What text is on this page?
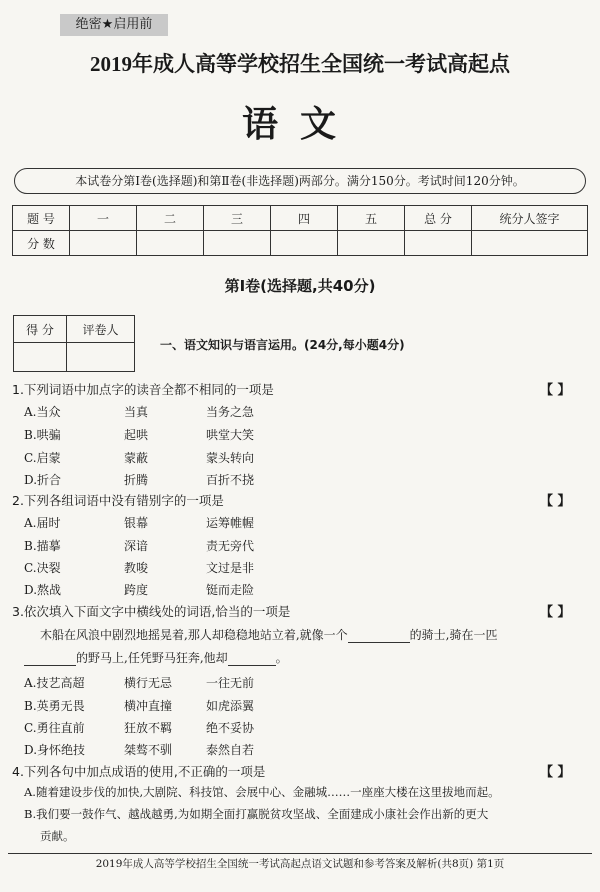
绝密★启用前
2019年成人高等学校招生全国统一考试高起点
语文
本试卷分第Ⅰ卷(选择题)和第Ⅱ卷(非选择题)两部分。满分150分。考试时间120分钟。
题 号	一	二	三	四	五	总 分	统分人签字
分 数							
第Ⅰ卷(选择题,共40分)
得 分	评卷人

一、语文知识与语言运用。(24分,每小题4分)
1.下列词语中加点字的读音全都不相同的一项是	【 】
A.当众	当真	当务之急
B.哄骗	起哄	哄堂大笑
C.启蒙	蒙蔽	蒙头转向
D.折合	折腾	百折不挠
2.下列各组词语中没有错别字的一项是	【 】
A.届时	银幕	运筹帷幄
B.描摹	深谙	责无旁代
C.决裂	教唆	文过是非
D.熬战	跨度	铤而走险
3.依次填入下面文字中横线处的词语,恰当的一项是	【 】
木船在风浪中剧烈地摇晃着,那人却稳稳地站立着,就像一个	的骑士,骑在一匹
的野马上,任凭野马狂奔,他却	。
A.技艺高超	横行无忌	一往无前
B.英勇无畏	横冲直撞	如虎添翼
C.勇往直前	狂放不羁	绝不妥协
D.身怀绝技	桀骜不驯	泰然自若
4.下列各句中加点成语的使用,不正确的一项是	【 】
A.随着建设步伐的加快,大剧院、科技馆、会展中心、金融城……一座座大楼在这里拔地而起。
B.我们要一鼓作气、越战越勇,为如期全面打赢脱贫攻坚战、全面建成小康社会作出新的更大
贡献。
2019年成人高等学校招生全国统一考试高起点语文试题和参考答案及解析(共8页) 第1页
